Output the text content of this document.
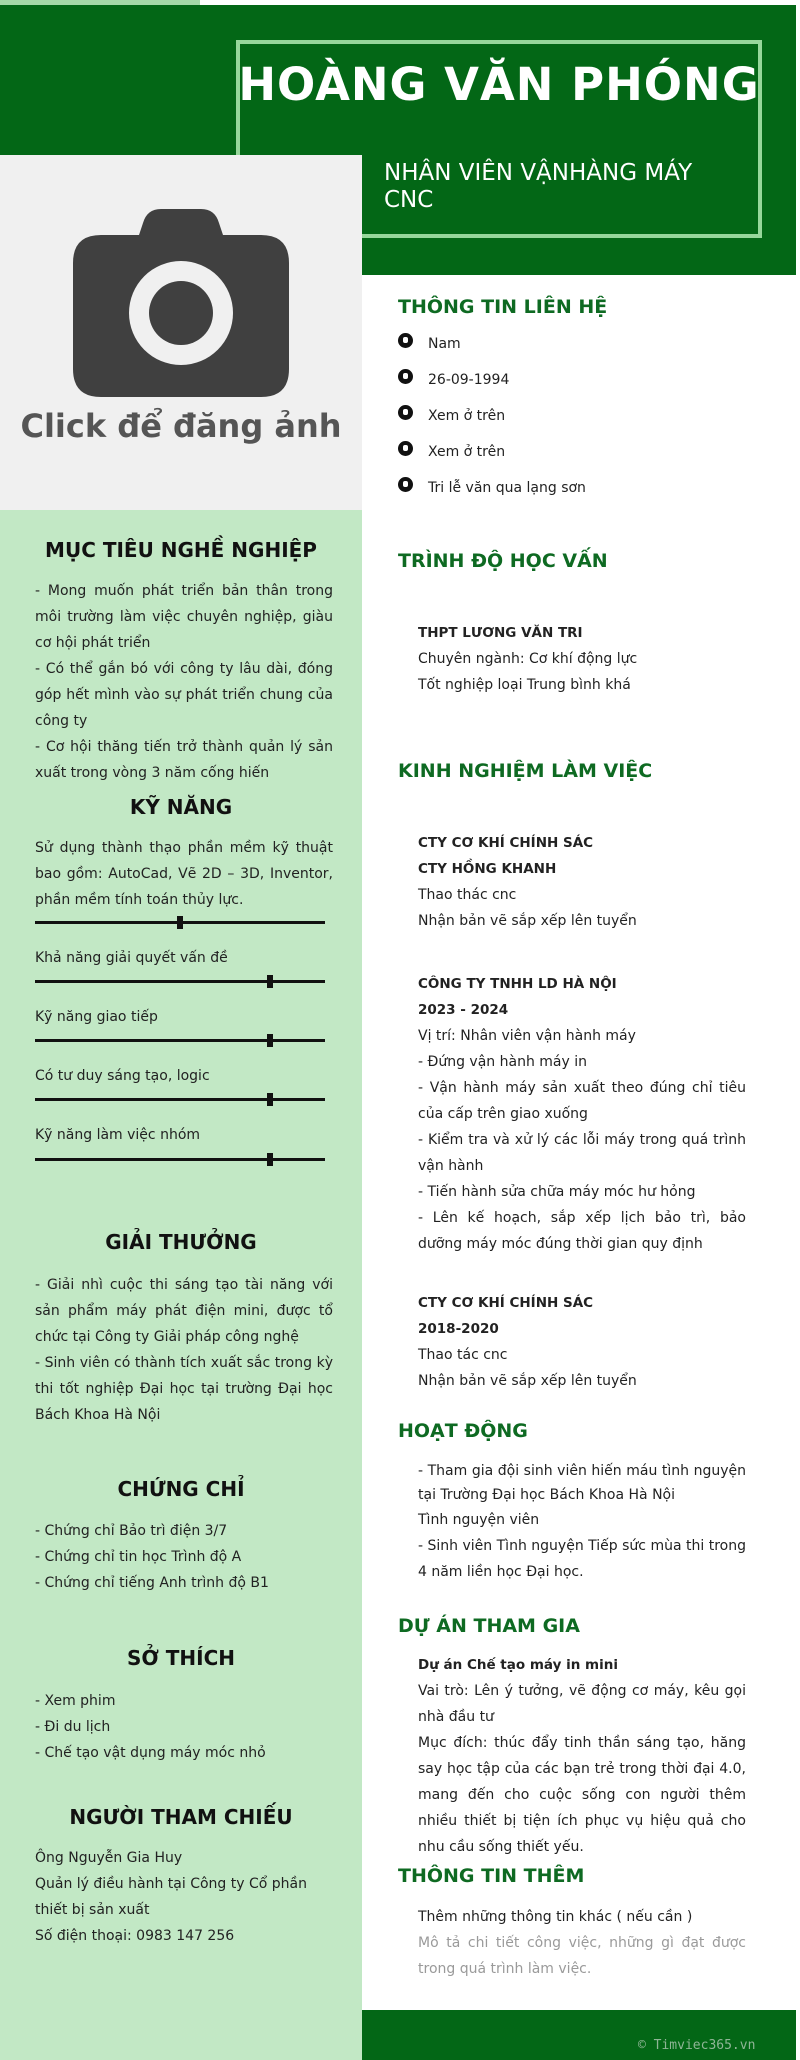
HOÀNG VĂN PHÓNG
NHÂN VIÊN VẬNHÀNG MÁY CNC
Click để đăng ảnh
MỤC TIÊU NGHỀ NGHIỆP
- Mong muốn phát triển bản thân trong môi trường làm việc chuyên nghiệp, giàu cơ hội phát triển
- Có thể gắn bó với công ty lâu dài, đóng góp hết mình vào sự phát triển chung của công ty
- Cơ hội thăng tiến trở thành quản lý sản xuất trong vòng 3 năm cống hiến
KỸ NĂNG
Sử dụng thành thạo phần mềm kỹ thuật bao gồm: AutoCad, Vẽ 2D – 3D, Inventor, phần mềm tính toán thủy lực.
Khả năng giải quyết vấn đề
Kỹ năng giao tiếp
Có tư duy sáng tạo, logic
Kỹ năng làm việc nhóm
GIẢI THƯỞNG
- Giải nhì cuộc thi sáng tạo tài năng với sản phẩm máy phát điện mini, được tổ chức tại Công ty Giải pháp công nghệ
- Sinh viên có thành tích xuất sắc trong kỳ thi tốt nghiệp Đại học tại trường Đại học Bách Khoa Hà Nội
CHỨNG CHỈ
- Chứng chỉ Bảo trì điện 3/7
- Chứng chỉ tin học Trình độ A
- Chứng chỉ tiếng Anh trình độ B1
SỞ THÍCH
- Xem phim
- Đi du lịch
- Chế tạo vật dụng máy móc nhỏ
NGƯỜI THAM CHIẾU
Ông Nguyễn Gia Huy
Quản lý điều hành tại Công ty Cổ phần thiết bị sản xuất
Số điện thoại: 0983 147 256
THÔNG TIN LIÊN HỆ
Nam
26-09-1994
Xem ở trên
Xem ở trên
Tri lễ văn qua lạng sơn
TRÌNH ĐỘ HỌC VẤN
THPT LƯƠNG VĂN TRI
Chuyên ngành: Cơ khí động lực
Tốt nghiệp loại Trung bình khá
KINH NGHIỆM LÀM VIỆC
CTY CƠ KHÍ CHÍNH SÁC
CTY HỒNG KHANH
Thao thác cnc
Nhận bản vẽ sắp xếp lên tuyển
CÔNG TY TNHH LD HÀ NỘI
2023 - 2024
Vị trí: Nhân viên vận hành máy
- Đứng vận hành máy in
- Vận hành máy sản xuất theo đúng chỉ tiêu của cấp trên giao xuống
- Kiểm tra và xử lý các lỗi máy trong quá trình vận hành
- Tiến hành sửa chữa máy móc hư hỏng
- Lên kế hoạch, sắp xếp lịch bảo trì, bảo dưỡng máy móc đúng thời gian quy định
CTY CƠ KHÍ CHÍNH SÁC
2018-2020
Thao tác cnc
Nhận bản vẽ sắp xếp lên tuyển
HOẠT ĐỘNG
- Tham gia đội sinh viên hiến máu tình nguyện tại Trường Đại học Bách Khoa Hà Nội
Tình nguyện viên
- Sinh viên Tình nguyện Tiếp sức mùa thi trong 4 năm liền học Đại học.
DỰ ÁN THAM GIA
Dự án Chế tạo máy in mini
Vai trò: Lên ý tưởng, vẽ động cơ máy, kêu gọi nhà đầu tư
Mục đích: thúc đẩy tinh thần sáng tạo, hăng say học tập của các bạn trẻ trong thời đại 4.0, mang đến cho cuộc sống con người thêm nhiều thiết bị tiện ích phục vụ hiệu quả cho nhu cầu sống thiết yếu.
THÔNG TIN THÊM
Thêm những thông tin khác ( nếu cần )
Mô tả chi tiết công việc, những gì đạt được trong quá trình làm việc.
© Timviec365.vn
